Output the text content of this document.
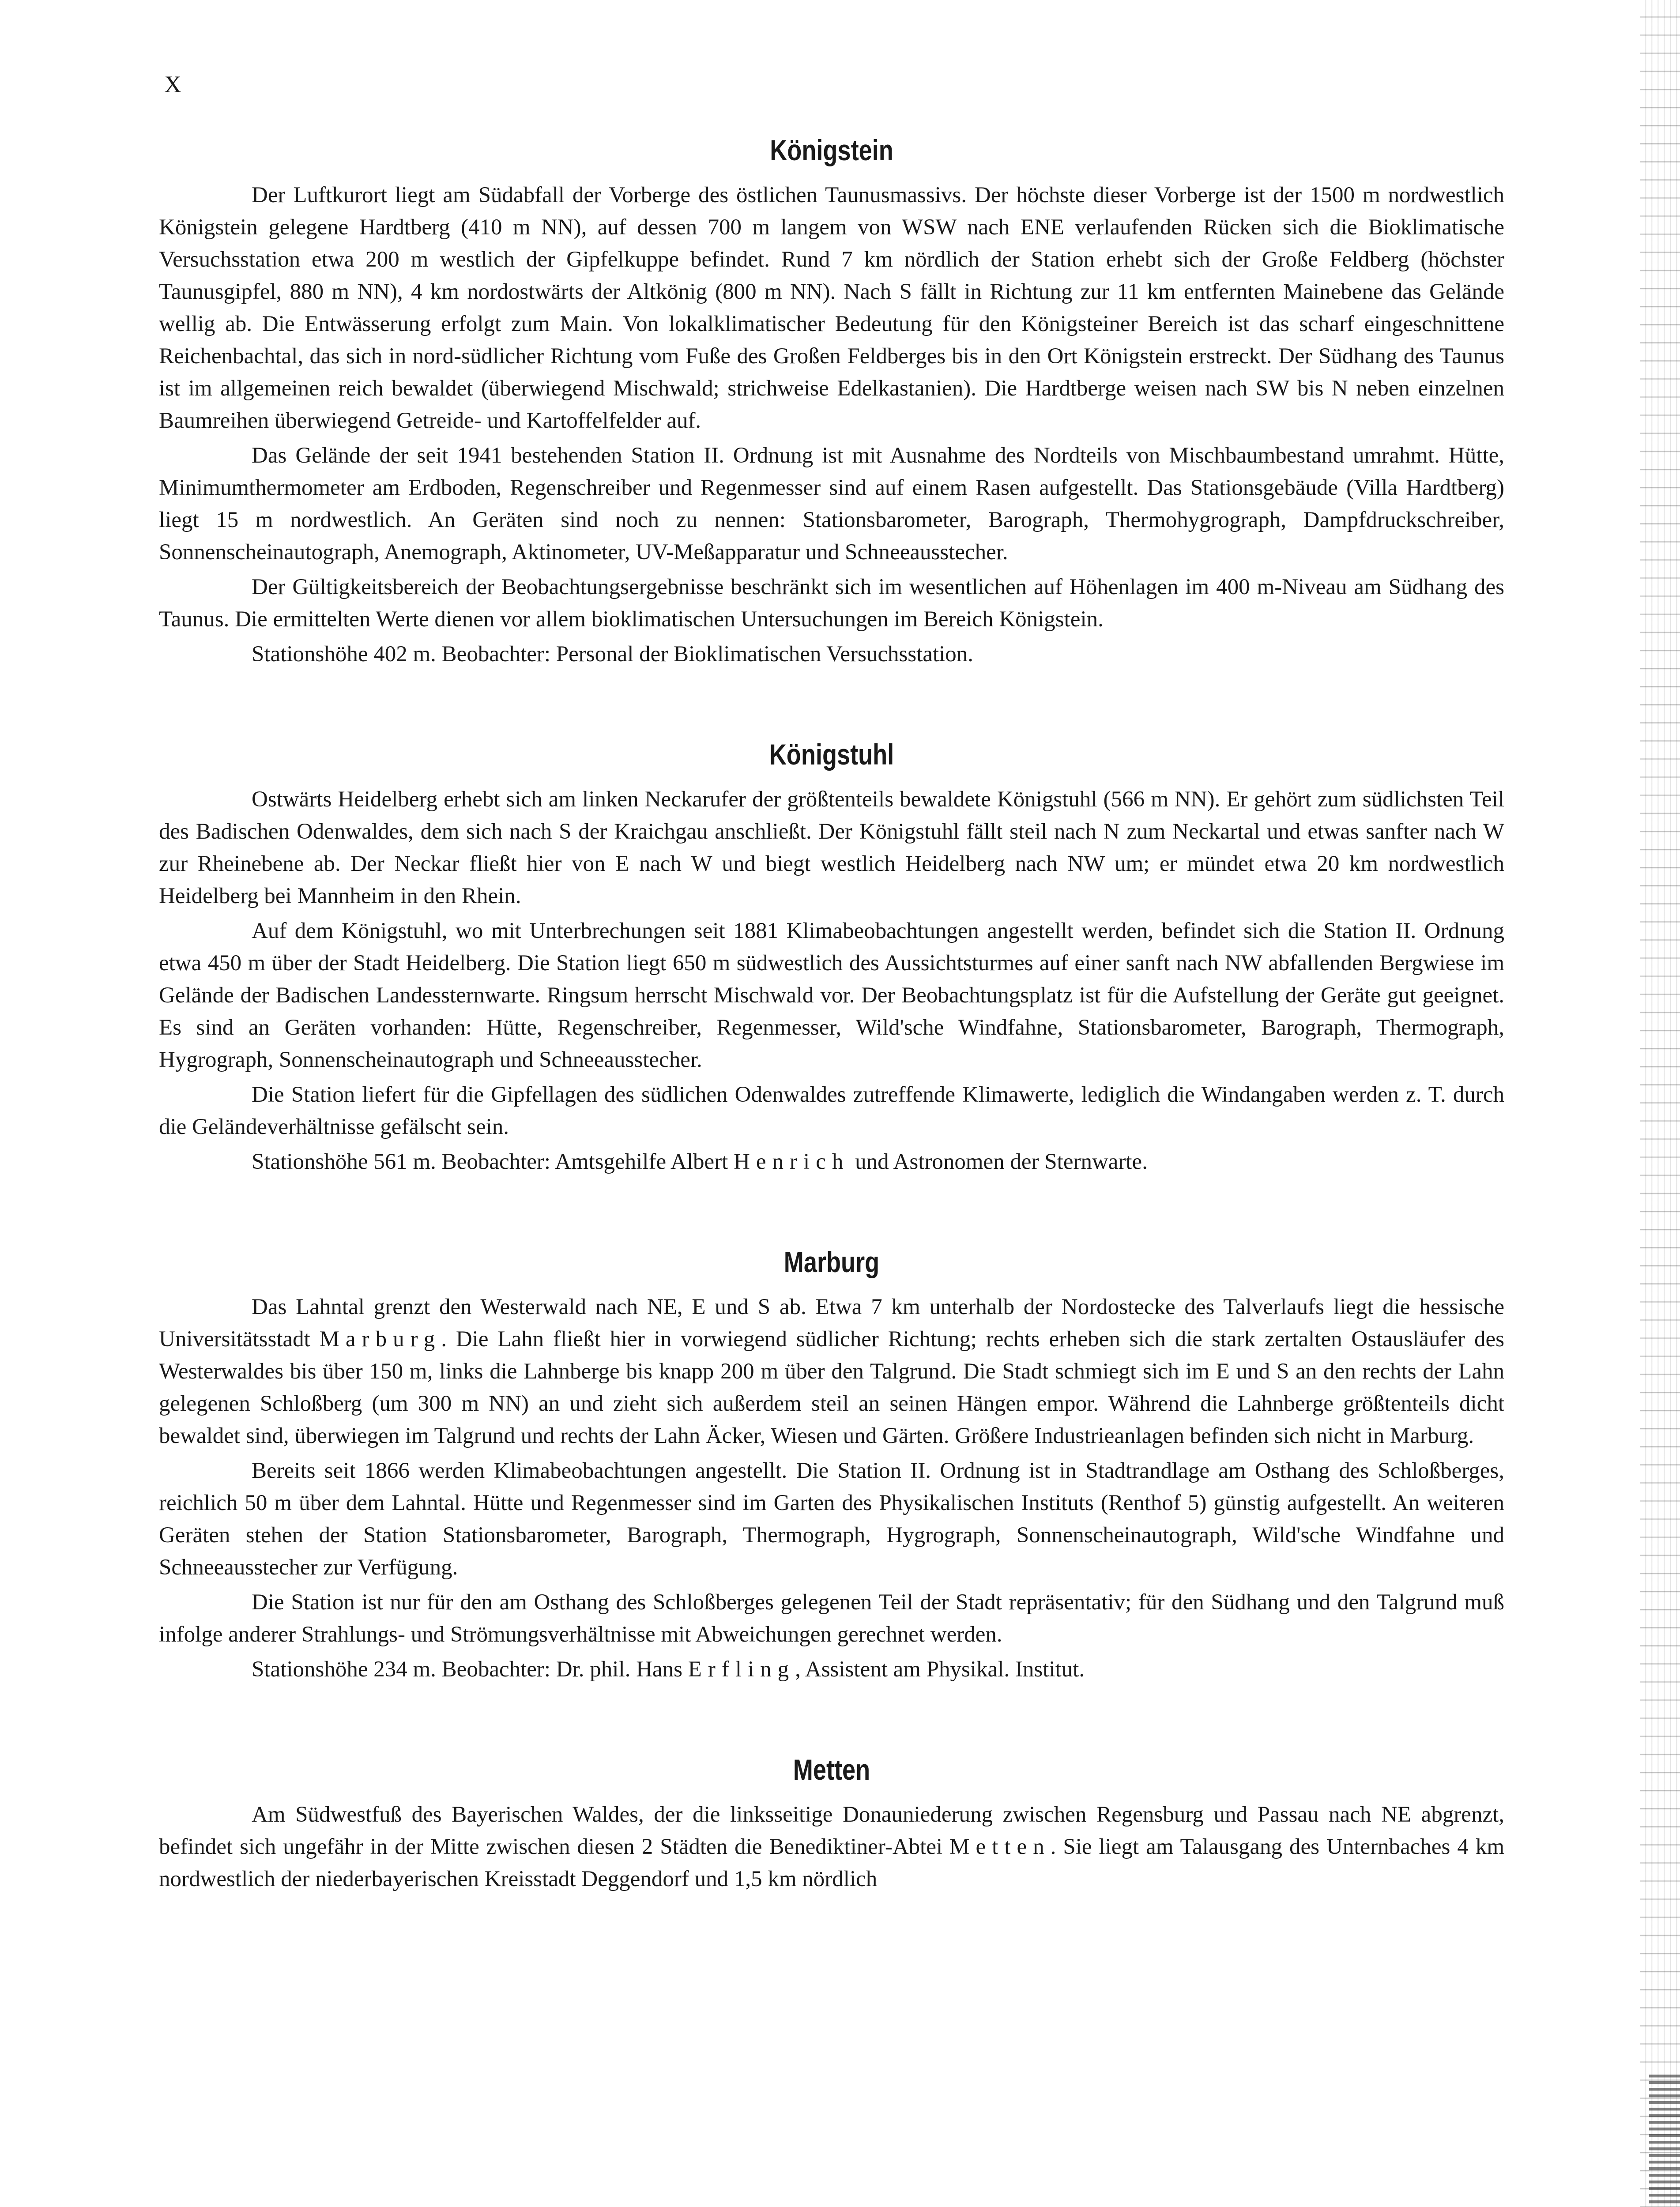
X
Königstein

Der Luftkurort liegt am Südabfall der Vorberge des östlichen Taunusmassivs. Der höchste dieser Vorberge ist der 1500 m nordwestlich Königstein gelegene Hardtberg (410 m NN), auf dessen 700 m langem von WSW nach ENE verlaufenden Rücken sich die Bioklimatische Versuchsstation etwa 200 m westlich der Gipfelkuppe befindet. Rund 7 km nördlich der Station erhebt sich der Große Feldberg (höchster Taunusgipfel, 880 m NN), 4 km nordostwärts der Altkönig (800 m NN). Nach S fällt in Richtung zur 11 km entfernten Mainebene das Gelände wellig ab. Die Entwässerung erfolgt zum Main. Von lokalklimatischer Bedeutung für den Königsteiner Bereich ist das scharf eingeschnittene Reichenbachtal, das sich in nord-südlicher Richtung vom Fuße des Großen Feldberges bis in den Ort Königstein erstreckt. Der Südhang des Taunus ist im allgemeinen reich bewaldet (überwiegend Mischwald; strichweise Edelkastanien). Die Hardtberge weisen nach SW bis N neben einzelnen Baumreihen überwiegend Getreide- und Kartoffelfelder auf.

Das Gelände der seit 1941 bestehenden Station II. Ordnung ist mit Ausnahme des Nordteils von Mischbaumbestand umrahmt. Hütte, Minimumthermometer am Erdboden, Regenschreiber und Regenmesser sind auf einem Rasen aufgestellt. Das Stationsgebäude (Villa Hardtberg) liegt 15 m nordwestlich. An Geräten sind noch zu nennen: Stationsbarometer, Barograph, Thermohygrograph, Dampfdruckschreiber, Sonnenscheinautograph, Anemograph, Aktinometer, UV-Meßapparatur und Schneeausstecher.

Der Gültigkeitsbereich der Beobachtungsergebnisse beschränkt sich im wesentlichen auf Höhenlagen im 400 m-Niveau am Südhang des Taunus. Die ermittelten Werte dienen vor allem bioklimatischen Untersuchungen im Bereich Königstein.

Stationshöhe 402 m. Beobachter: Personal der Bioklimatischen Versuchsstation.

Königstuhl

Ostwärts Heidelberg erhebt sich am linken Neckarufer der größtenteils bewaldete Königstuhl (566 m NN). Er gehört zum südlichsten Teil des Badischen Odenwaldes, dem sich nach S der Kraichgau anschließt. Der Königstuhl fällt steil nach N zum Neckartal und etwas sanfter nach W zur Rheinebene ab. Der Neckar fließt hier von E nach W und biegt westlich Heidelberg nach NW um; er mündet etwa 20 km nordwestlich Heidelberg bei Mannheim in den Rhein.

Auf dem Königstuhl, wo mit Unterbrechungen seit 1881 Klimabeobachtungen angestellt werden, befindet sich die Station II. Ordnung etwa 450 m über der Stadt Heidelberg. Die Station liegt 650 m südwestlich des Aussichtsturmes auf einer sanft nach NW abfallenden Bergwiese im Gelände der Badischen Landessternwarte. Ringsum herrscht Mischwald vor. Der Beobachtungsplatz ist für die Aufstellung der Geräte gut geeignet. Es sind an Geräten vorhanden: Hütte, Regenschreiber, Regenmesser, Wild'sche Windfahne, Stationsbarometer, Barograph, Thermograph, Hygrograph, Sonnenscheinautograph und Schneeausstecher.

Die Station liefert für die Gipfellagen des südlichen Odenwaldes zutreffende Klimawerte, lediglich die Windangaben werden z. T. durch die Geländeverhältnisse gefälscht sein.

Stationshöhe 561 m. Beobachter: Amtsgehilfe Albert Henrich und Astronomen der Sternwarte.

Marburg

Das Lahntal grenzt den Westerwald nach NE, E und S ab. Etwa 7 km unterhalb der Nordostecke des Talverlaufs liegt die hessische Universitätsstadt Marburg. Die Lahn fließt hier in vorwiegend südlicher Richtung; rechts erheben sich die stark zertalten Ostausläufer des Westerwaldes bis über 150 m, links die Lahnberge bis knapp 200 m über den Talgrund. Die Stadt schmiegt sich im E und S an den rechts der Lahn gelegenen Schloßberg (um 300 m NN) an und zieht sich außerdem steil an seinen Hängen empor. Während die Lahnberge größtenteils dicht bewaldet sind, überwiegen im Talgrund und rechts der Lahn Äcker, Wiesen und Gärten. Größere Industrieanlagen befinden sich nicht in Marburg.

Bereits seit 1866 werden Klimabeobachtungen angestellt. Die Station II. Ordnung ist in Stadtrandlage am Osthang des Schloßberges, reichlich 50 m über dem Lahntal. Hütte und Regenmesser sind im Garten des Physikalischen Instituts (Renthof 5) günstig aufgestellt. An weiteren Geräten stehen der Station Stationsbarometer, Barograph, Thermograph, Hygrograph, Sonnenscheinautograph, Wild'sche Windfahne und Schneeausstecher zur Verfügung.

Die Station ist nur für den am Osthang des Schloßberges gelegenen Teil der Stadt repräsentativ; für den Südhang und den Talgrund muß infolge anderer Strahlungs- und Strömungsverhältnisse mit Abweichungen gerechnet werden.

Stationshöhe 234 m. Beobachter: Dr. phil. Hans Erfling, Assistent am Physikal. Institut.

Metten

Am Südwestfuß des Bayerischen Waldes, der die linksseitige Donauniederung zwischen Regensburg und Passau nach NE abgrenzt, befindet sich ungefähr in der Mitte zwischen diesen 2 Städten die Benediktiner-Abtei Metten. Sie liegt am Talausgang des Unternbaches 4 km nordwestlich der niederbayerischen Kreisstadt Deggendorf und 1,5 km nördlich
